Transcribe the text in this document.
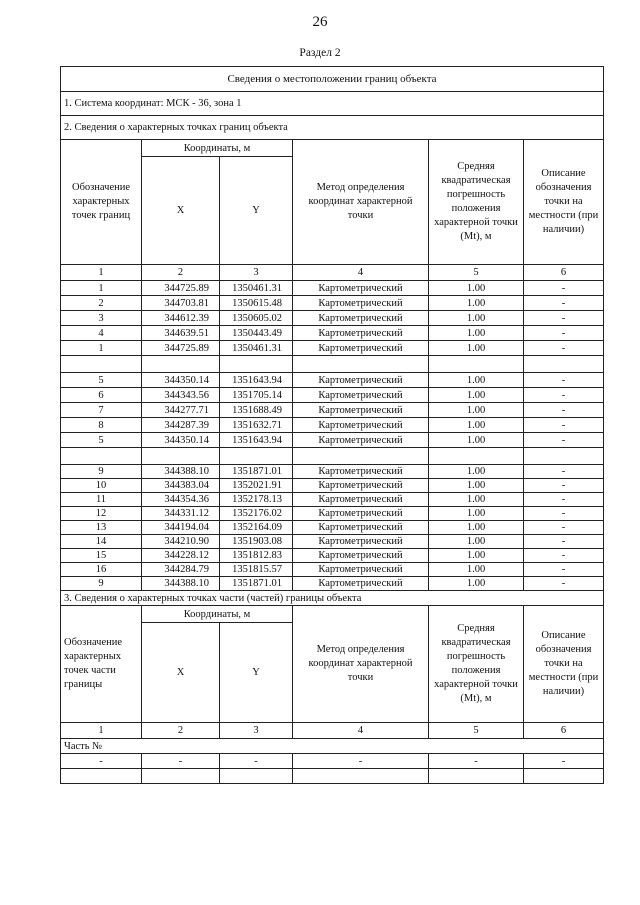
26
Раздел 2
Сведения о местоположении границ объекта					
1. Система координат: МСК - 36, зона 1					
2. Сведения о характерных точках границ объекта					
Обозначение характерных точек границ	Координаты, м		Метод определения координат характерной точки	Средняя квадратическая погрешность положения характерной точки (Mt), м	Описание обозначения точки на местности (при наличии)
	X	Y			
1	2	3	4	5	6
1	344725.89	1350461.31	Картометрический	1.00	-
2	344703.81	1350615.48	Картометрический	1.00	-
3	344612.39	1350605.02	Картометрический	1.00	-
4	344639.51	1350443.49	Картометрический	1.00	-
1	344725.89	1350461.31	Картометрический	1.00	-

5	344350.14	1351643.94	Картометрический	1.00	-
6	344343.56	1351705.14	Картометрический	1.00	-
7	344277.71	1351688.49	Картометрический	1.00	-
8	344287.39	1351632.71	Картометрический	1.00	-
5	344350.14	1351643.94	Картометрический	1.00	-

9	344388.10	1351871.01	Картометрический	1.00	-
10	344383.04	1352021.91	Картометрический	1.00	-
11	344354.36	1352178.13	Картометрический	1.00	-
12	344331.12	1352176.02	Картометрический	1.00	-
13	344194.04	1352164.09	Картометрический	1.00	-
14	344210.90	1351903.08	Картометрический	1.00	-
15	344228.12	1351812.83	Картометрический	1.00	-
16	344284.79	1351815.57	Картометрический	1.00	-
9	344388.10	1351871.01	Картометрический	1.00	-
3. Сведения о характерных точках части (частей) границы объекта					
Обозначение характерных точек части границы	Координаты, м		Метод определения координат характерной точки	Средняя квадратическая погрешность положения характерной точки (Mt), м	Описание обозначения точки на местности (при наличии)
	X	Y			
1	2	3	4	5	6
Часть №					
-	-	-	-	-	-
